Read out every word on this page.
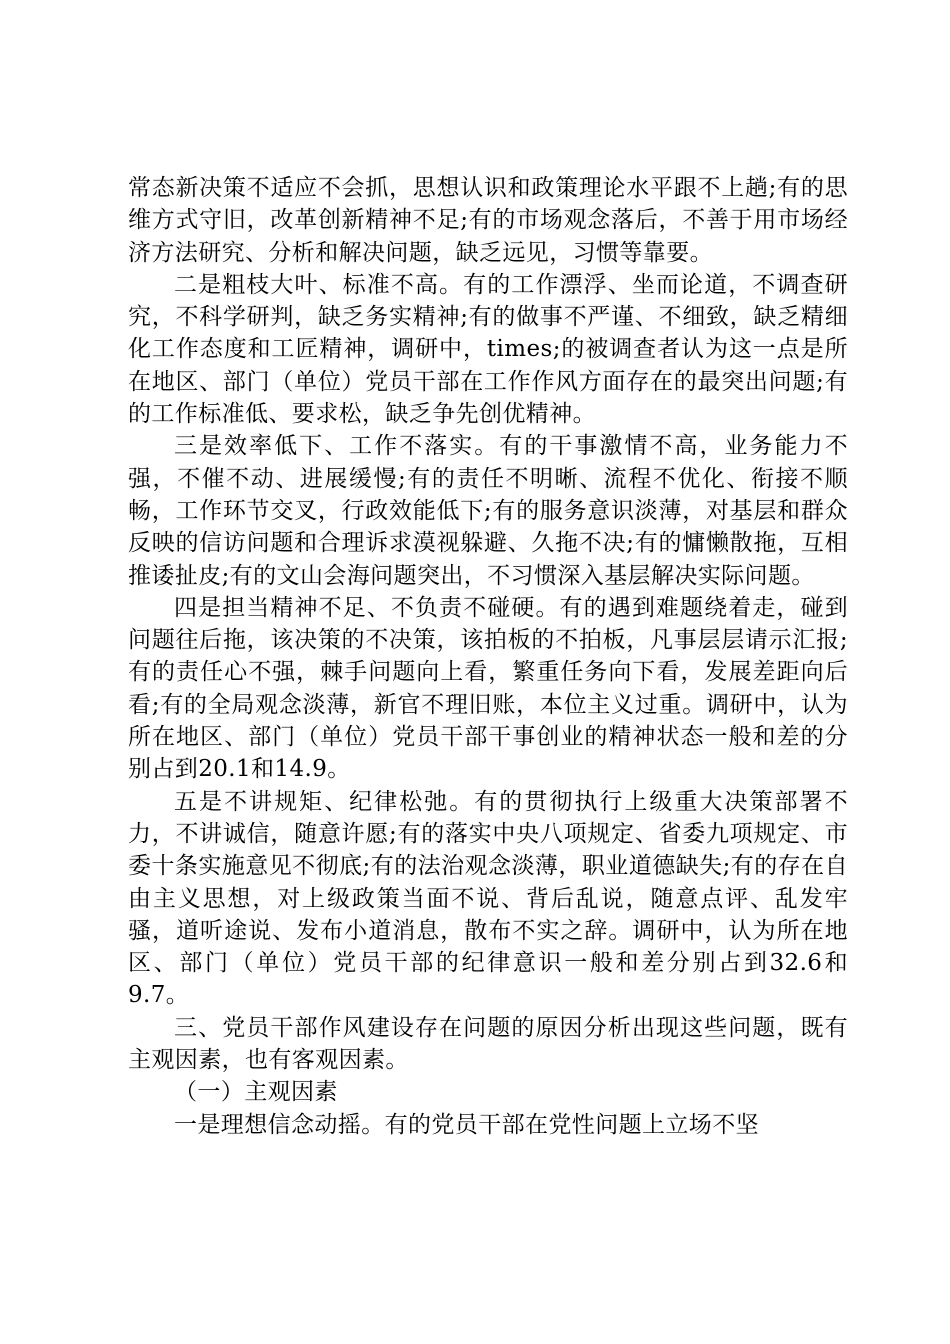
常态新决策不适应不会抓，思想认识和政策理论水平跟不上趟;有的思维方式守旧，改革创新精神不足;有的市场观念落后，不善于用市场经济方法研究、分析和解决问题，缺乏远见，习惯等靠要。

二是粗枝大叶、标准不高。有的工作漂浮、坐而论道，不调查研究，不科学研判，缺乏务实精神;有的做事不严谨、不细致，缺乏精细化工作态度和工匠精神，调研中，times;的被调查者认为这一点是所在地区、部门（单位）党员干部在工作作风方面存在的最突出问题;有的工作标准低、要求松，缺乏争先创优精神。

三是效率低下、工作不落实。有的干事激情不高，业务能力不强，不催不动、进展缓慢;有的责任不明晰、流程不优化、衔接不顺畅，工作环节交叉，行政效能低下;有的服务意识淡薄，对基层和群众反映的信访问题和合理诉求漠视躲避、久拖不决;有的慵懒散拖，互相推诿扯皮;有的文山会海问题突出，不习惯深入基层解决实际问题。

四是担当精神不足、不负责不碰硬。有的遇到难题绕着走，碰到问题往后拖，该决策的不决策，该拍板的不拍板，凡事层层请示汇报;有的责任心不强，棘手问题向上看，繁重任务向下看，发展差距向后看;有的全局观念淡薄，新官不理旧账，本位主义过重。调研中，认为所在地区、部门（单位）党员干部干事创业的精神状态一般和差的分别占到20.1和14.9。

五是不讲规矩、纪律松弛。有的贯彻执行上级重大决策部署不力，不讲诚信，随意许愿;有的落实中央八项规定、省委九项规定、市委十条实施意见不彻底;有的法治观念淡薄，职业道德缺失;有的存在自由主义思想，对上级政策当面不说、背后乱说，随意点评、乱发牢骚，道听途说、发布小道消息，散布不实之辞。调研中，认为所在地区、部门（单位）党员干部的纪律意识一般和差分别占到32.6和9.7。

三、党员干部作风建设存在问题的原因分析出现这些问题，既有主观因素，也有客观因素。

（一）主观因素

一是理想信念动摇。有的党员干部在党性问题上立场不坚
